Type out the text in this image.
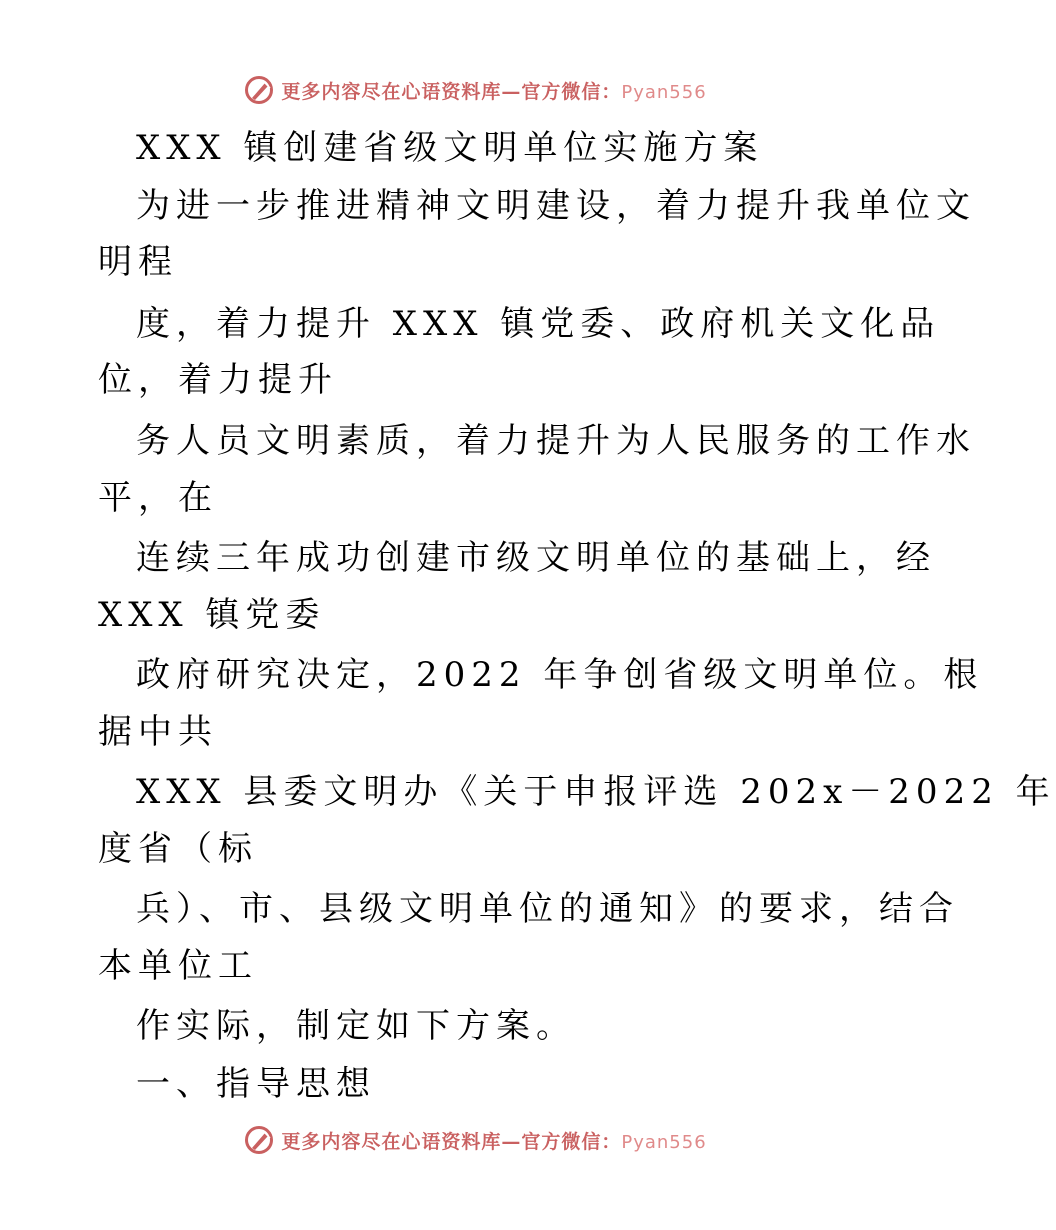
更多内容尽在心语资料库—官方微信： Pyan556
XXX 镇创建省级文明单位实施方案
为进一步推进精神文明建设，着力提升我单位文
明程
度，着力提升 XXX 镇党委、政府机关文化品
位，着力提升
务人员文明素质，着力提升为人民服务的工作水
平，在
连续三年成功创建市级文明单位的基础上，经
XXX 镇党委
政府研究决定，2022 年争创省级文明单位。根
据中共
XXX 县委文明办《关于申报评选 202x－2022 年
度省（标
兵）、市、县级文明单位的通知》的要求，结合
本单位工
作实际，制定如下方案。
一、指导思想
更多内容尽在心语资料库—官方微信： Pyan556
